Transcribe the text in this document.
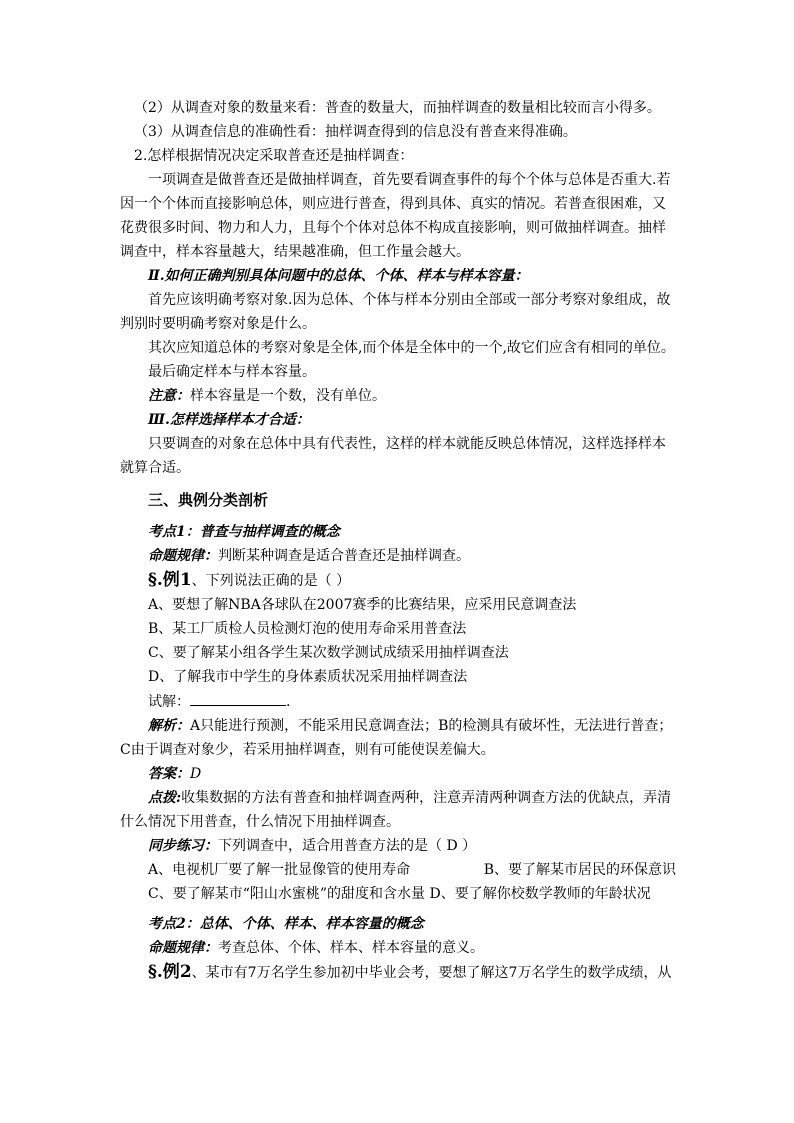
（2）从调查对象的数量来看：普查的数量大，而抽样调查的数量相比较而言小得多。

（3）从调查信息的准确性看：抽样调查得到的信息没有普查来得准确。

2.怎样根据情况决定采取普查还是抽样调查：

一项调查是做普查还是做抽样调查，首先要看调查事件的每个个体与总体是否重大.若因一个个体而直接影响总体，则应进行普查，得到具体、真实的情况。若普查很困难，又花费很多时间、物力和人力，且每个个体对总体不构成直接影响，则可做抽样调查。抽样调查中，样本容量越大，结果越准确，但工作量会越大。

Ⅱ.如何正确判别具体问题中的总体、个体、样本与样本容量：

首先应该明确考察对象.因为总体、个体与样本分别由全部或一部分考察对象组成，故判别时要明确考察对象是什么。

其次应知道总体的考察对象是全体,而个体是全体中的一个,故它们应含有相同的单位。

最后确定样本与样本容量。

注意：样本容量是一个数，没有单位。

Ⅲ.怎样选择样本才合适：

只要调查的对象在总体中具有代表性，这样的样本就能反映总体情况，这样选择样本就算合适。

三、典例分类剖析

考点1：普查与抽样调查的概念

命题规律：判断某种调查是适合普查还是抽样调查。

§.例1、下列说法正确的是（ ）

A、要想了解NBA各球队在2007赛季的比赛结果，应采用民意调查法

B、某工厂质检人员检测灯泡的使用寿命采用普查法

C、要了解某小组各学生某次数学测试成绩采用抽样调查法

D、了解我市中学生的身体素质状况采用抽样调查法

试解：	.

解析：A只能进行预测，不能采用民意调查法；B的检测具有破坏性，无法进行普查；C由于调查对象少，若采用抽样调查，则有可能使误差偏大。

答案：D

点拨:收集数据的方法有普查和抽样调查两种，注意弄清两种调查方法的优缺点，弄清什么情况下用普查，什么情况下用抽样调查。

同步练习：下列调查中，适合用普查方法的是（ D ）

A、电视机厂要了解一批显像管的使用寿命	B、要了解某市居民的环保意识

C、要了解某市“阳山水蜜桃”的甜度和含水量 D、要了解你校数学教师的年龄状况

考点2：总体、个体、样本、样本容量的概念

命题规律：考查总体、个体、样本、样本容量的意义。

§.例2、某市有7万名学生参加初中毕业会考，要想了解这7万名学生的数学成绩，从
